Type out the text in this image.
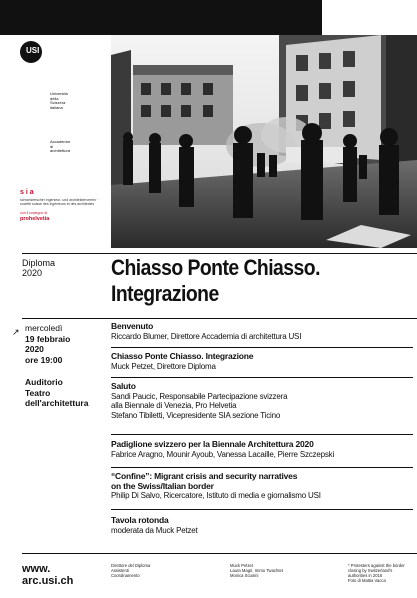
USI
Università
della
Svizzera
italiana
Accademia
di
architettura
s i a
schweizerischer ingenieur- und architektenverein · société suisse des ingénieurs et des architectes
con il sostegno di
prohelvetia
Diploma
2020	Chiasso Ponte Chiasso.
Integrazione
↗ mercoledì
19 febbraio
2020
ore 19:00
Auditorio
Teatro
dell'architettura
Benvenuto
Riccardo Blumer, Direttore Accademia di architettura USI
Chiasso Ponte Chiasso. Integrazione
Muck Petzet, Direttore Diploma
Saluto
Sandi Paucic, Responsabile Partecipazione svizzera
alla Biennale di Venezia, Pro Helvetia
Stefano Tibiletti, Vicepresidente SIA sezione Ticino
Padiglione svizzero per la Biennale Architettura 2020
Fabrice Aragno, Mounir Ayoub, Vanessa Lacaille, Pierre Szczepski
“Confine”: Migrant crisis and security narratives
on the Swiss/Italian border
Philip Di Salvo, Ricercatore, Istituto di media e giornalismo USI
Tavola rotonda
moderata da Muck Petzet
www.
arc.usi.ch
Direttore del Diploma
Assistenti
Coordinamento
Muck Petzet
Laura Magri, Immo Twachtet
Monica Sciarini
* Protesters against the border
closing by Switzerland's
authorities in 2016
Foto di Mattia Vacca
